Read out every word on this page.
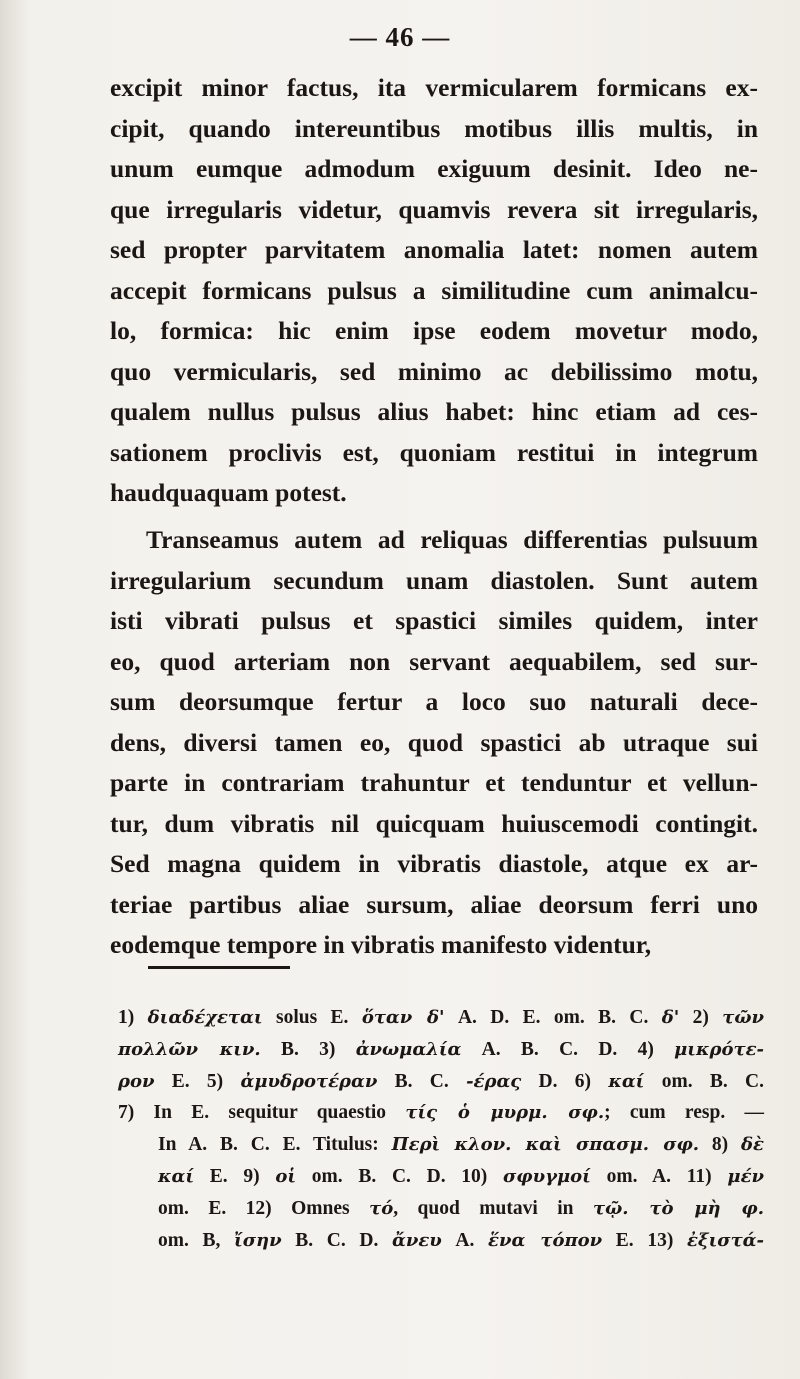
— 46 —
excipit minor factus, ita vermicularem formicans ex-
cipit, quando intereuntibus motibus illis multis, in
unum eumque admodum exiguum desinit. Ideo ne-
que irregularis videtur, quamvis revera sit irregularis,
sed propter parvitatem anomalia latet: nomen autem
accepit formicans pulsus a similitudine cum animalcu-
lo, formica: hic enim ipse eodem movetur modo,
quo vermicularis, sed minimo ac debilissimo motu,
qualem nullus pulsus alius habet: hinc etiam ad ces-
sationem proclivis est, quoniam restitui in integrum
haudquaquam potest.
Transeamus autem ad reliquas differentias pulsuum
irregularium secundum unam diastolen. Sunt autem
isti vibrati pulsus et spastici similes quidem, inter
eo, quod arteriam non servant aequabilem, sed sur-
sum deorsumque fertur a loco suo naturali dece-
dens, diversi tamen eo, quod spastici ab utraque sui
parte in contrariam trahuntur et tenduntur et vellun-
tur, dum vibratis nil quicquam huiuscemodi contingit.
Sed magna quidem in vibratis diastole, atque ex ar-
teriae partibus aliae sursum, aliae deorsum ferri uno
eodemque tempore in vibratis manifesto videntur,
1) διαδέχεται solus E. ὅταν δ' A. D. E. om. B. C. δ' 2) τῶν
πολλῶν κιν. B. 3) ἀνωμαλία A. B. C. D. 4) μικρότε-
ρον E. 5) ἀμυδροτέραν B. C. -έρας D. 6) καί om. B. C.
7) In E. sequitur quaestio τίς ὁ μυρμ. σφ.; cum resp. —
In A. B. C. E. Titulus: Περὶ κλον. καὶ σπασμ. σφ. 8) δὲ
καί E. 9) οἱ om. B. C. D. 10) σφυγμοί om. A. 11) μέν
om. E. 12) Omnes τό, quod mutavi in τῷ. τὸ μὴ φ.
om. B, ἴσην B. C. D. ἄνευ A. ἕνα τόπον E. 13) ἐξιστά-
